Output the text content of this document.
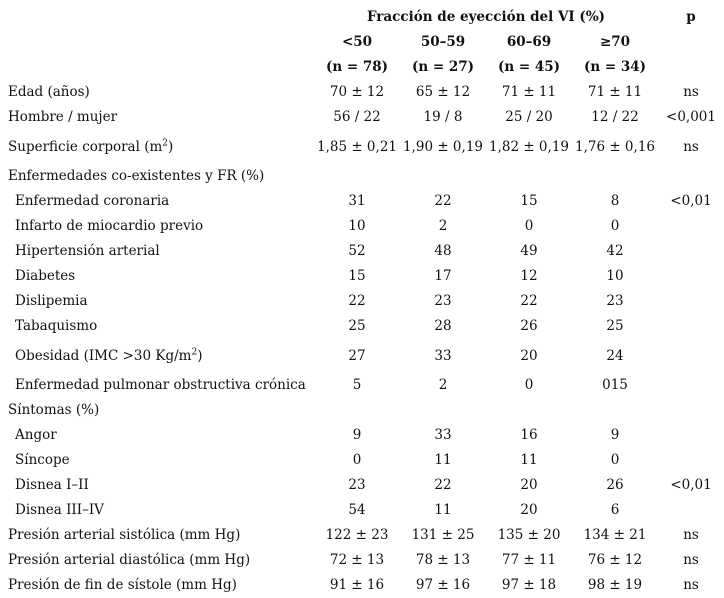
	Fracción de eyección del VI (%)				p
	<50	50–59	60–69	≥70	
	(n = 78)	(n = 27)	(n = 45)	(n = 34)	
Edad (años)	70 ± 12	65 ± 12	71 ± 11	71 ± 11	ns
Hombre / mujer	56 / 22	19 / 8	25 / 20	12 / 22	<0,001
Superficie corporal $(m^2)$	1,85 ± 0,21	1,90 ± 0,19	1,82 ± 0,19	1,76 ± 0,16	ns
Enfermedades co-existentes y FR (%)					
Enfermedad coronaria	31	22	15	8	<0,01
Infarto de miocardio previo	10	2	0	0	
Hipertensión arterial	52	48	49	42	
Diabetes	15	17	12	10	
Dislipemia	22	23	22	23	
Tabaquismo	25	28	26	25	
Obesidad (IMC >30 $Kg/m^2$)	27	33	20	24	
Enfermedad pulmonar obstructiva crónica	5	2	0	015	
Síntomas (%)					
Angor	9	33	16	9	
Síncope	0	11	11	0	
Disnea I–II	23	22	20	26	<0,01
Disnea III–IV	54	11	20	6	
Presión arterial sistólica (mm Hg)	122 ± 23	131 ± 25	135 ± 20	134 ± 21	ns
Presión arterial diastólica (mm Hg)	72 ± 13	78 ± 13	77 ± 11	76 ± 12	ns
Presión de fin de sístole (mm Hg)	91 ± 16	97 ± 16	97 ± 18	98 ± 19	ns
